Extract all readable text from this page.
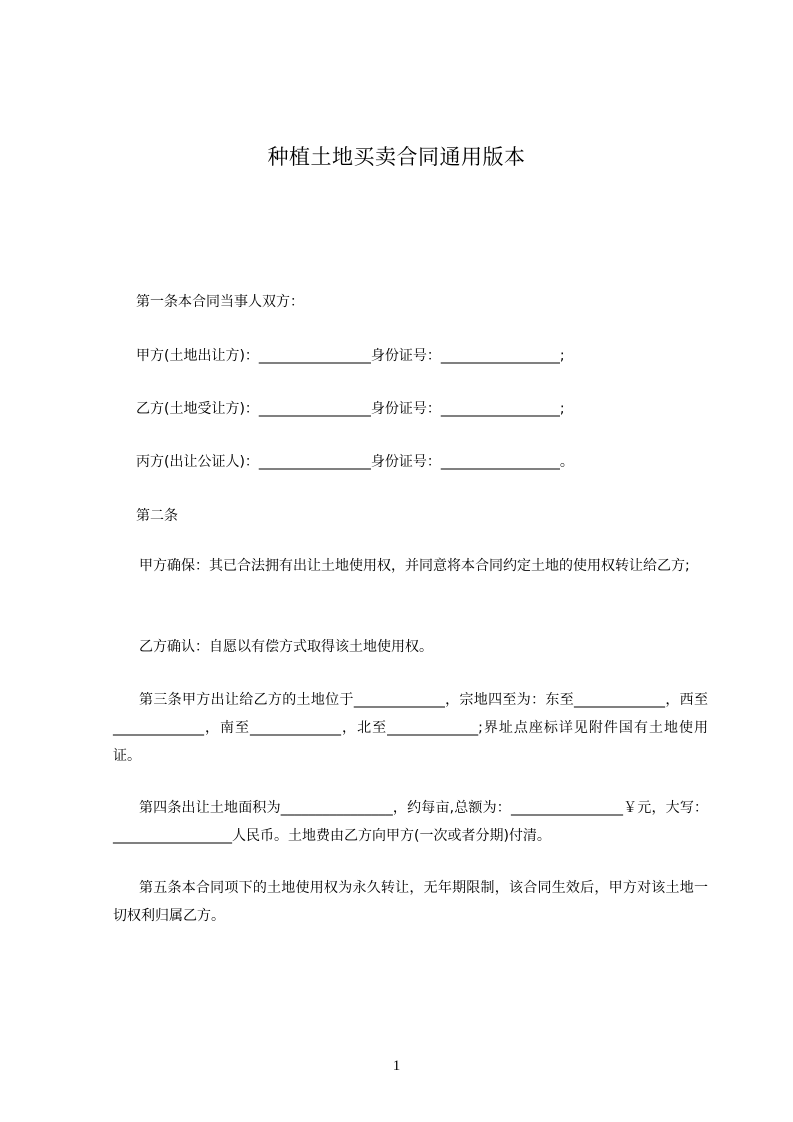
种植土地买卖合同通用版本
第一条本合同当事人双方：
甲方(土地出让方)：________________身份证号：_________________;
乙方(土地受让方)：________________身份证号：_________________;
丙方(出让公证人)：________________身份证号：_________________。
第二条
甲方确保：其已合法拥有出让土地使用权，并同意将本合同约定土地的使用权转让给乙方;
乙方确认：自愿以有偿方式取得该土地使用权。
第三条甲方出让给乙方的土地位于_____________，宗地四至为：东至_____________，西至_____________，南至_____________，北至_____________;界址点座标详见附件国有土地使用证。
第四条出让土地面积为________________，约每亩,总额为：________________￥元，大写：_________________人民币。土地费由乙方向甲方(一次或者分期)付清。
第五条本合同项下的土地使用权为永久转让，无年期限制，该合同生效后，甲方对该土地一切权利归属乙方。
1
